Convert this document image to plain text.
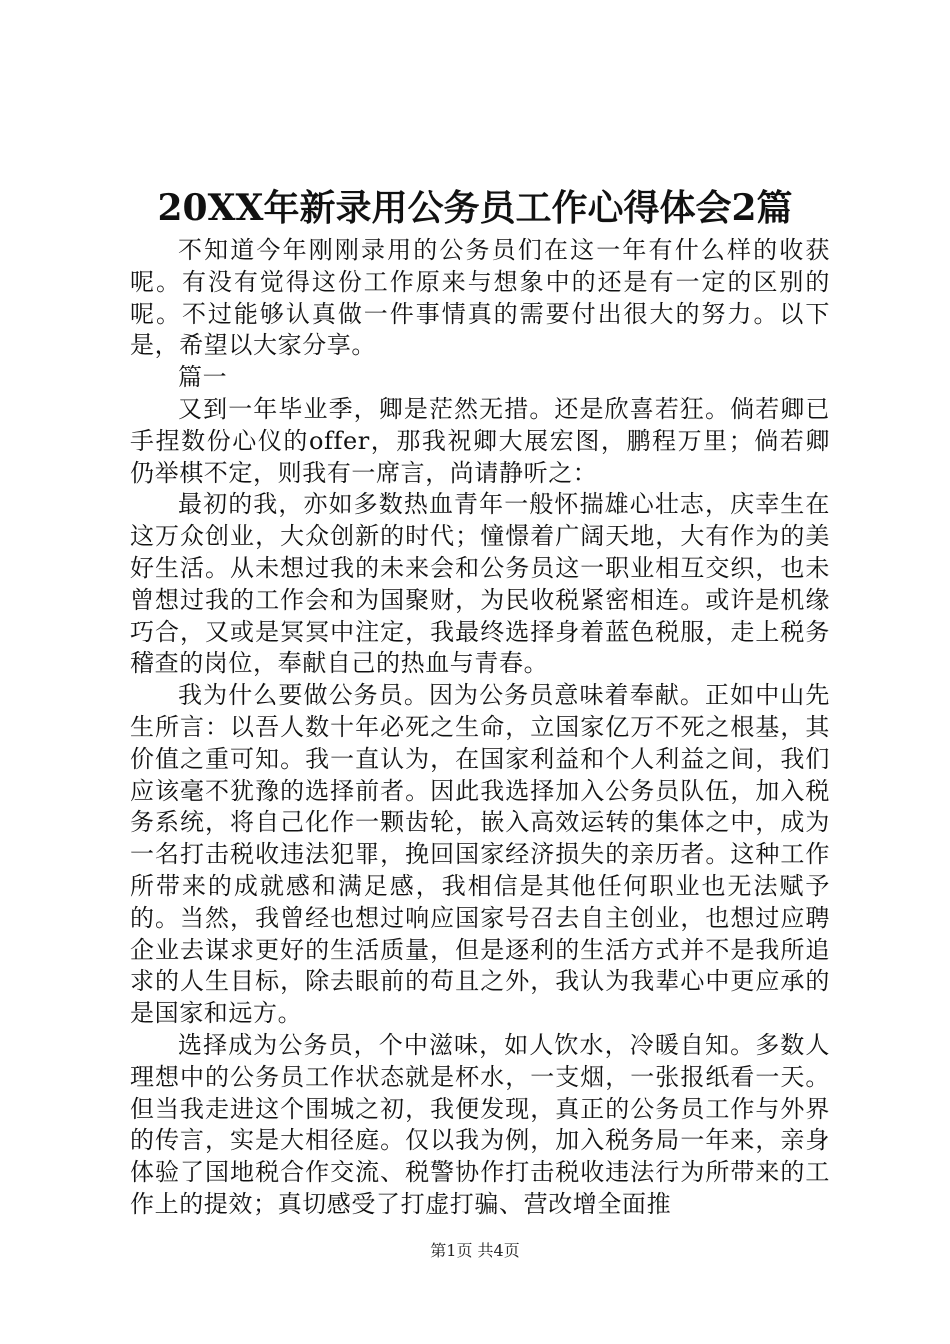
20XX年新录用公务员工作心得体会2篇

不知道今年刚刚录用的公务员们在这一年有什么样的收获呢。有没有觉得这份工作原来与想象中的还是有一定的区别的呢。不过能够认真做一件事情真的需要付出很大的努力。以下是，希望以大家分享。

篇一

又到一年毕业季，卿是茫然无措。还是欣喜若狂。倘若卿已手捏数份心仪的offer，那我祝卿大展宏图，鹏程万里；倘若卿仍举棋不定，则我有一席言，尚请静听之：

最初的我，亦如多数热血青年一般怀揣雄心壮志，庆幸生在这万众创业，大众创新的时代；憧憬着广阔天地，大有作为的美好生活。从未想过我的未来会和公务员这一职业相互交织，也未曾想过我的工作会和为国聚财，为民收税紧密相连。或许是机缘巧合，又或是冥冥中注定，我最终选择身着蓝色税服，走上税务稽查的岗位，奉献自己的热血与青春。

我为什么要做公务员。因为公务员意味着奉献。正如中山先生所言：以吾人数十年必死之生命，立国家亿万不死之根基，其价值之重可知。我一直认为，在国家利益和个人利益之间，我们应该毫不犹豫的选择前者。因此我选择加入公务员队伍，加入税务系统，将自己化作一颗齿轮，嵌入高效运转的集体之中，成为一名打击税收违法犯罪，挽回国家经济损失的亲历者。这种工作所带来的成就感和满足感，我相信是其他任何职业也无法赋予的。当然，我曾经也想过响应国家号召去自主创业，也想过应聘企业去谋求更好的生活质量，但是逐利的生活方式并不是我所追求的人生目标，除去眼前的苟且之外，我认为我辈心中更应承的是国家和远方。

选择成为公务员，个中滋味，如人饮水，冷暖自知。多数人理想中的公务员工作状态就是杯水，一支烟，一张报纸看一天。但当我走进这个围城之初，我便发现，真正的公务员工作与外界的传言，实是大相径庭。仅以我为例，加入税务局一年来，亲身体验了国地税合作交流、税警协作打击税收违法行为所带来的工作上的提效；真切感受了打虚打骗、营改增全面推

第1页 共4页
